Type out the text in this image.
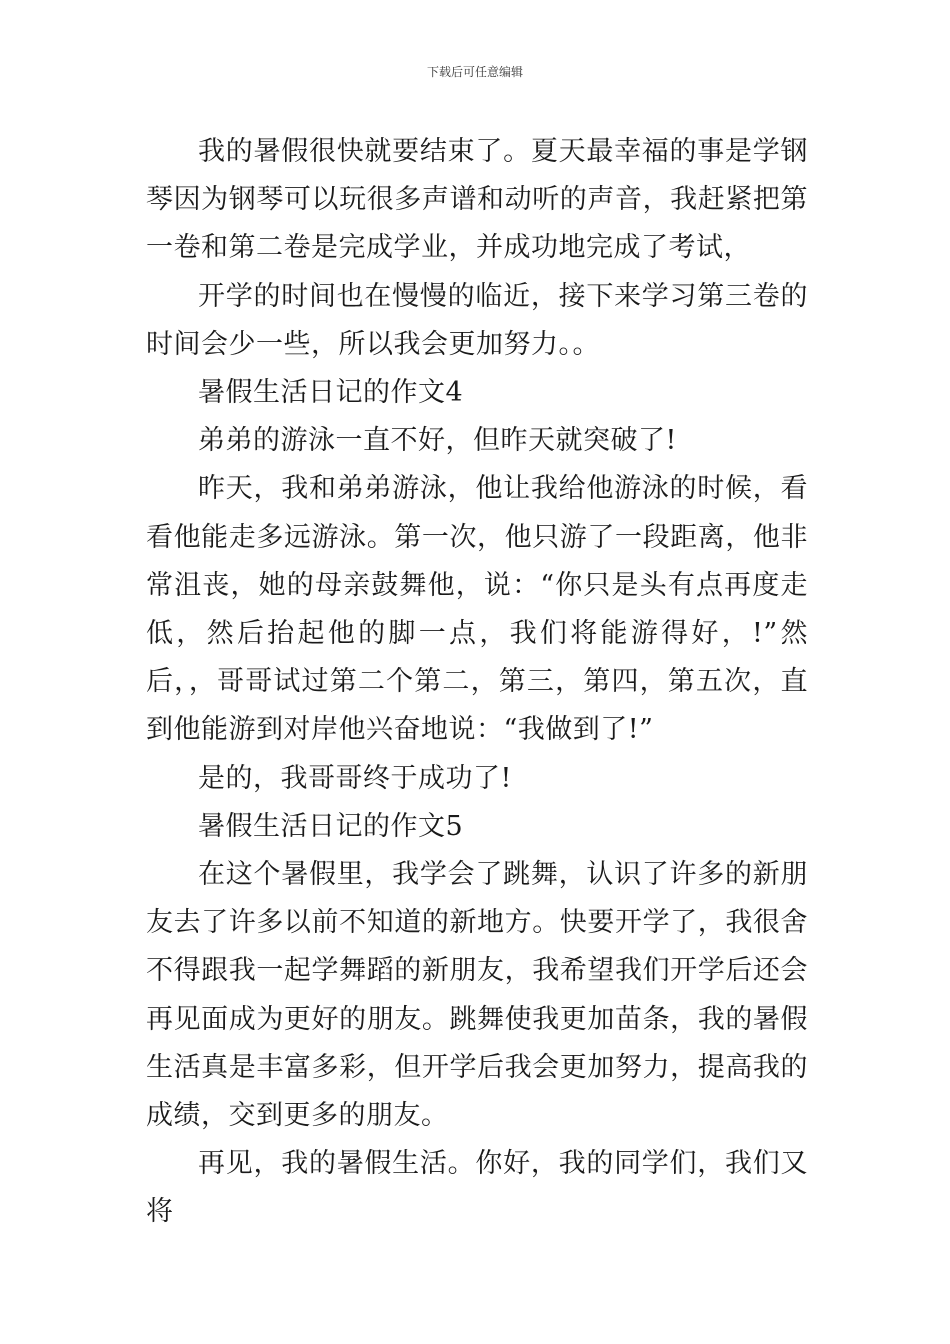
下载后可任意编辑

我的暑假很快就要结束了。夏天最幸福的事是学钢琴因为钢琴可以玩很多声谱和动听的声音，我赶紧把第一卷和第二卷是完成学业，并成功地完成了考试，

开学的时间也在慢慢的临近，接下来学习第三卷的时间会少一些，所以我会更加努力。。

暑假生活日记的作文4

弟弟的游泳一直不好，但昨天就突破了!

昨天，我和弟弟游泳，他让我给他游泳的时候，看看他能走多远游泳。第一次，他只游了一段距离，他非常沮丧，她的母亲鼓舞他，说：“你只是头有点再度走低，然后抬起他的脚一点，我们将能游得好，!”然后，，哥哥试过第二个第二，第三，第四，第五次，直到他能游到对岸他兴奋地说：“我做到了!”

是的，我哥哥终于成功了!

暑假生活日记的作文5

在这个暑假里，我学会了跳舞，认识了许多的新朋友去了许多以前不知道的新地方。快要开学了，我很舍不得跟我一起学舞蹈的新朋友，我希望我们开学后还会再见面成为更好的朋友。跳舞使我更加苗条，我的暑假生活真是丰富多彩，但开学后我会更加努力，提高我的成绩，交到更多的朋友。

再见，我的暑假生活。你好，我的同学们，我们又将
